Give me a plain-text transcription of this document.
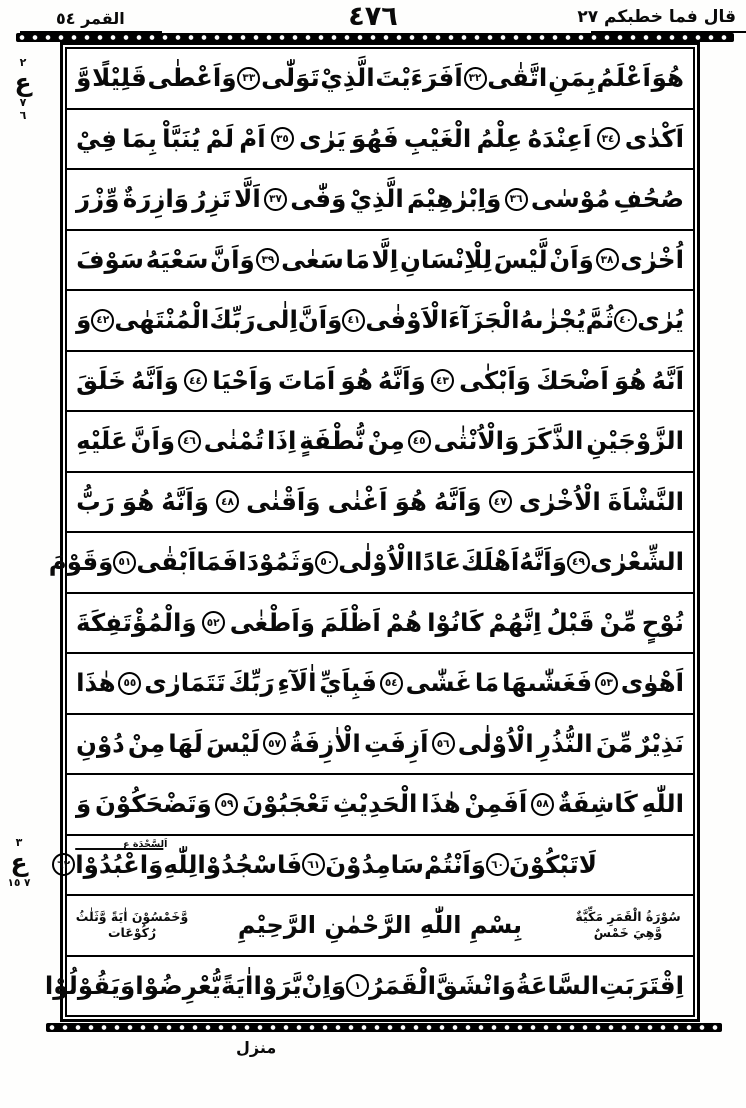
قال فما خطبكم ٢٧
٤٧٦
القمر ٥٤
هُوَ
اَعْلَمُ
بِمَنِ
اتَّقٰى
٣٢
اَفَرَءَيْتَ
الَّذِيْ
تَوَلّٰى
٣٣
وَاَعْطٰى
قَلِيْلًا
وَّ
اَكْدٰى
٣٤
اَعِنْدَهُ
عِلْمُ
الْغَيْبِ
فَهُوَ
يَرٰى
٣٥
اَمْ
لَمْ
يُنَبَّاْ
بِمَا
فِيْ
صُحُفِ
مُوْسٰى
٣٦
وَاِبْرٰهِيْمَ
الَّذِيْ
وَفّٰى
٣٧
اَلَّا
تَزِرُ
وَازِرَةٌ
وِّزْرَ
اُخْرٰى
٣٨
وَاَنْ
لَّيْسَ
لِلْاِنْسَانِ
اِلَّا
مَا
سَعٰى
٣٩
وَاَنَّ
سَعْيَهُ
سَوْفَ
يُرٰى
٤٠
ثُمَّ
يُجْزٰىهُ
الْجَزَآءَ
الْاَوْفٰى
٤١
وَاَنَّ
اِلٰى
رَبِّكَ
الْمُنْتَهٰى
٤٢
وَ
اَنَّهُ
هُوَ
اَضْحَكَ
وَاَبْكٰى
٤٣
وَاَنَّهُ
هُوَ
اَمَاتَ
وَاَحْيَا
٤٤
وَاَنَّهُ
خَلَقَ
الزَّوْجَيْنِ
الذَّكَرَ
وَالْاُنْثٰى
٤٥
مِنْ
نُّطْفَةٍ
اِذَا
تُمْنٰى
٤٦
وَاَنَّ
عَلَيْهِ
النَّشْاَةَ
الْاُخْرٰى
٤٧
وَاَنَّهُ
هُوَ
اَغْنٰى
وَاَقْنٰى
٤٨
وَاَنَّهُ
هُوَ
رَبُّ
الشِّعْرٰى
٤٩
وَاَنَّهُ
اَهْلَكَ
عَادًا
الْاُوْلٰى
٥٠
وَثَمُوْدَا
فَمَا
اَبْقٰى
٥١
وَقَوْمَ
نُوْحٍ
مِّنْ
قَبْلُ
اِنَّهُمْ
كَانُوْا
هُمْ
اَظْلَمَ
وَاَطْغٰى
٥٢
وَالْمُؤْتَفِكَةَ
اَهْوٰى
٥٣
فَغَشّٰىهَا
مَا
غَشّٰى
٥٤
فَبِاَيِّ
اٰلَآءِ
رَبِّكَ
تَتَمَارٰى
٥٥
هٰذَا
نَذِيْرٌ
مِّنَ
النُّذُرِ
الْاُوْلٰى
٥٦
اَزِفَتِ
الْاٰزِفَةُ
٥٧
لَيْسَ
لَهَا
مِنْ
دُوْنِ
اللّٰهِ
كَاشِفَةٌ
٥٨
اَفَمِنْ
هٰذَا
الْحَدِيْثِ
تَعْجَبُوْنَ
٥٩
وَتَضْحَكُوْنَ
وَ
لَا
تَبْكُوْنَ
٦٠
وَاَنْتُمْ
سَامِدُوْنَ
٦١
فَاسْجُدُوْا
لِلّٰهِ
وَاعْبُدُوْا
اَلسَّجْدَة ع
٦٢
سُوْرَةُ الْقَمَرِ مَكِّيَّةٌ وَّهِيَ خَمْسٌ
بِسْمِ اللّٰهِ الرَّحْمٰنِ الرَّحِيْمِ
وَّخَمْسُوْنَ اٰيَةً وَّثَلٰثُ رُكُوْعَات
اِقْتَرَبَتِ
السَّاعَةُ
وَانْشَقَّ
الْقَمَرُ
١
وَاِنْ
يَّرَوْا
اٰيَةً
يُّعْرِضُوْا
وَيَقُوْلُوْا
٢
ع
٧
٦
٣
ع
٧ ١٥
منزل
